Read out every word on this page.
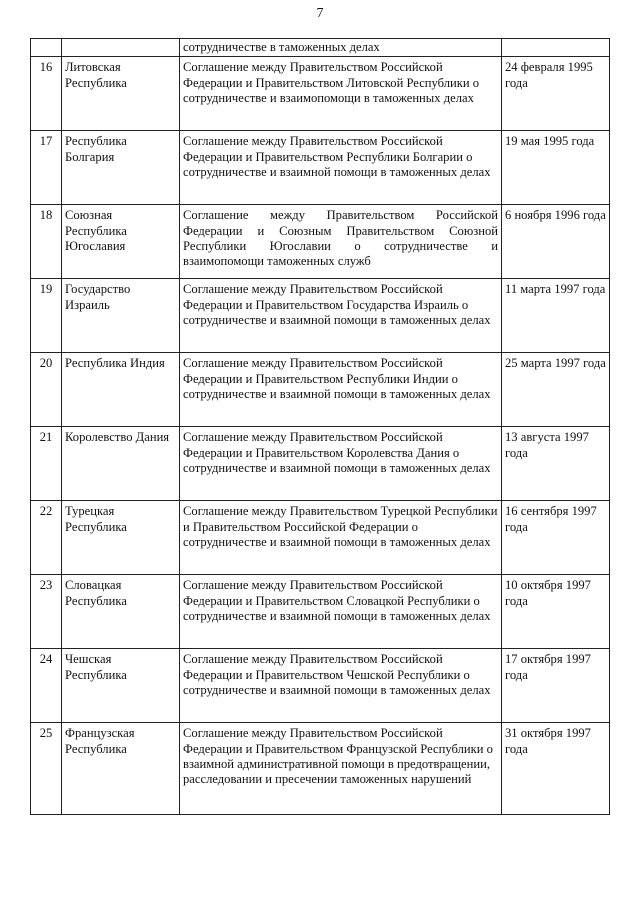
7
		сотрудничестве в таможенных делах	
16	Литовская Республика	Соглашение между Правительством Российской Федерации и Правительством Литовской Республики о сотрудничестве и взаимопомощи в таможенных делах	24 февраля 1995 года
17	Республика Болгария	Соглашение между Правительством Российской Федерации и Правительством Республики Болгарии о сотрудничестве и взаимной помощи в таможенных делах	19 мая 1995 года
18	Союзная Республика Югославия	Соглашение между Правительством Российской Федерации и Союзным Правительством Союзной Республики Югославии о сотрудничестве и взаимопомощи таможенных служб	6 ноября 1996 года
19	Государство Израиль	Соглашение между Правительством Российской Федерации и Правительством Государства Израиль о сотрудничестве и взаимной помощи в таможенных делах	11 марта 1997 года
20	Республика Индия	Соглашение между Правительством Российской Федерации и Правительством Республики Индии о сотрудничестве и взаимной помощи в таможенных делах	25 марта 1997 года
21	Королевство Дания	Соглашение между Правительством Российской Федерации и Правительством Королевства Дания о сотрудничестве и взаимной помощи в таможенных делах	13 августа 1997 года
22	Турецкая Республика	Соглашение между Правительством Турецкой Республики и Правительством Российской Федерации о сотрудничестве и взаимной помощи в таможенных делах	16 сентября 1997 года
23	Словацкая Республика	Соглашение между Правительством Российской Федерации и Правительством Словацкой Республики о сотрудничестве и взаимной помощи в таможенных делах	10 октября 1997 года
24	Чешская Республика	Соглашение между Правительством Российской Федерации и Правительством Чешской Республики о сотрудничестве и взаимной помощи в таможенных делах	17 октября 1997 года
25	Французская Республика	Соглашение между Правительством Российской Федерации и Правительством Французской Республики о взаимной административной помощи в предотвращении, расследовании и пресечении таможенных нарушений	31 октября 1997 года
